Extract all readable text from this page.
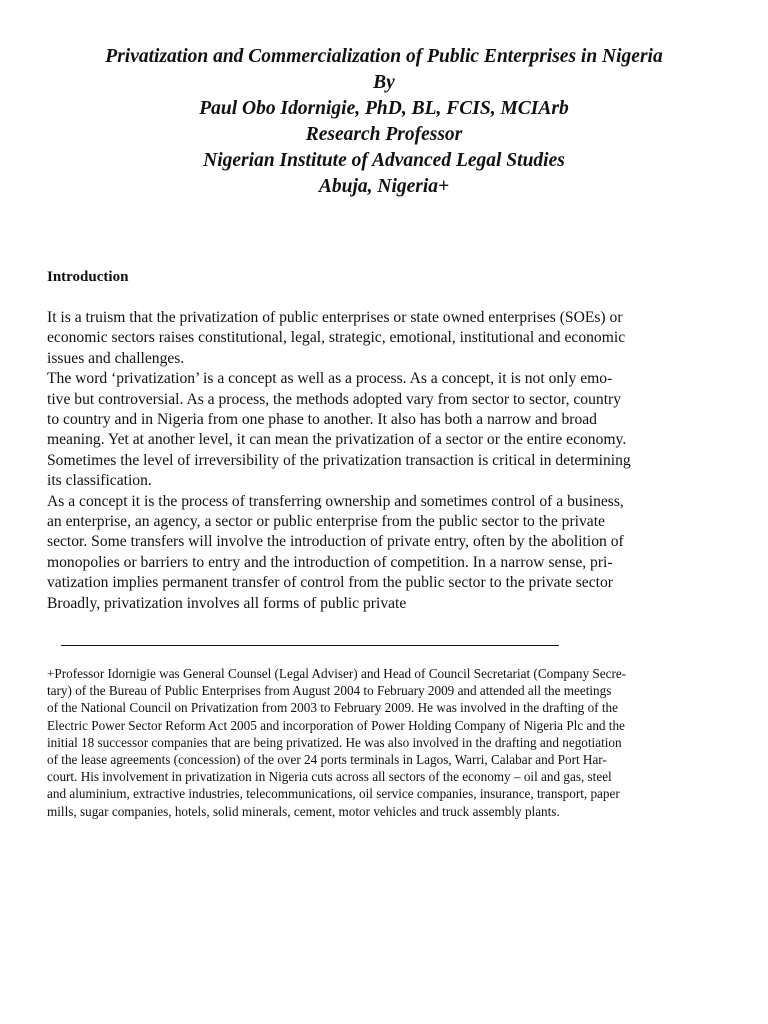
Privatization and Commercialization of Public Enterprises in Nigeria
By
Paul Obo Idornigie, PhD, BL, FCIS, MCIArb
Research Professor
Nigerian Institute of Advanced Legal Studies
Abuja, Nigeria+
Introduction
It is a truism that the privatization of public enterprises or state owned enterprises (SOEs) or
economic sectors raises constitutional, legal, strategic, emotional, institutional and economic
issues and challenges.
The word ‘privatization’ is a concept as well as a process. As a concept, it is not only emo-
tive but controversial. As a process, the methods adopted vary from sector to sector, country
to country and in Nigeria from one phase to another. It also has both a narrow and broad
meaning. Yet at another level, it can mean the privatization of a sector or the entire economy.
Sometimes the level of irreversibility of the privatization transaction is critical in determining
its classification.
As a concept it is the process of transferring ownership and sometimes control of a business,
an enterprise, an agency, a sector or public enterprise from the public sector to the private
sector. Some transfers will involve the introduction of private entry, often by the abolition of
monopolies or barriers to entry and the introduction of competition. In a narrow sense, pri-
vatization implies permanent transfer of control from the public sector to the private sector
Broadly, privatization involves all forms of public private
+Professor Idornigie was General Counsel (Legal Adviser) and Head of Council Secretariat (Company Secre-
tary) of the Bureau of Public Enterprises from August 2004 to February 2009 and attended all the meetings
of the National Council on Privatization from 2003 to February 2009. He was involved in the drafting of the
Electric Power Sector Reform Act 2005 and incorporation of Power Holding Company of Nigeria Plc and the
initial 18 successor companies that are being privatized. He was also involved in the drafting and negotiation
of the lease agreements (concession) of the over 24 ports terminals in Lagos, Warri, Calabar and Port Har-
court. His involvement in privatization in Nigeria cuts across all sectors of the economy – oil and gas, steel
and aluminium, extractive industries, telecommunications, oil service companies, insurance, transport, paper
mills, sugar companies, hotels, solid minerals, cement, motor vehicles and truck assembly plants.
